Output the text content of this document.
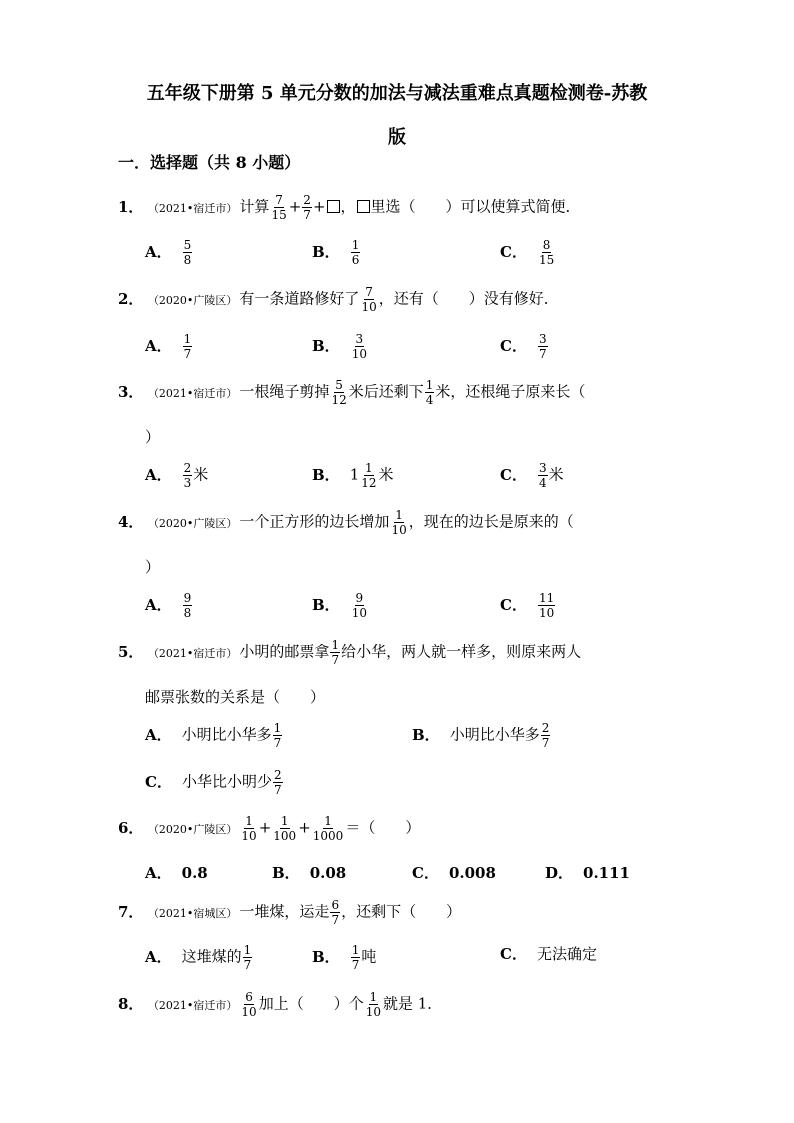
五年级下册第 5 单元分数的加法与减法重难点真题检测卷-苏教
版
一．选择题（共 8 小题）
1． （2021•宿迁市） 计算 $\frac{7}{15} + \frac{2}{7}$ + ， 里选（　　）可以使算式简便．
A． $\frac{5}{8}$	B． $\frac{1}{6}$	C． $\frac{8}{15}$
2． （2020•广陵区） 有一条道路修好了 $\frac{7}{10}$ ，还有（　　）没有修好．
A． $\frac{1}{7}$	B． $\frac{3}{10}$	C． $\frac{3}{7}$
3． （2021•宿迁市） 一根绳子剪掉 $\frac{5}{12}$ 米后还剩下 $\frac{1}{4}$ 米，还根绳子原来长（
）
A． $\frac{2}{3}$ 米	B． $1 \frac{1}{12}$ 米	C． $\frac{3}{4}$ 米
4． （2020•广陵区） 一个正方形的边长增加 $\frac{1}{10}$ ，现在的边长是原来的（
）
A． $\frac{9}{8}$	B． $\frac{9}{10}$	C． $\frac{11}{10}$
5． （2021•宿迁市） 小明的邮票拿 $\frac{1}{7}$ 给小华，两人就一样多，则原来两人
邮票张数的关系是（　　）
A． 小明比小华多 $\frac{1}{7}$	B． 小明比小华多 $\frac{2}{7}$
C． 小华比小明少 $\frac{2}{7}$
6． （2020•广陵区） $\frac{1}{10} + \frac{1}{100} + \frac{1}{1000}$ ＝（　　）
A． 0.8	B． 0.08	C． 0.008	D． 0.111
7． （2021•宿城区） 一堆煤，运走 $\frac{6}{7}$ ，还剩下（　　）
A． 这堆煤的 $\frac{1}{7}$	B． $\frac{1}{7}$ 吨	C． 无法确定
8． （2021•宿迁市） $\frac{6}{10}$ 加上（　　）个 $\frac{1}{10}$ 就是 1．
